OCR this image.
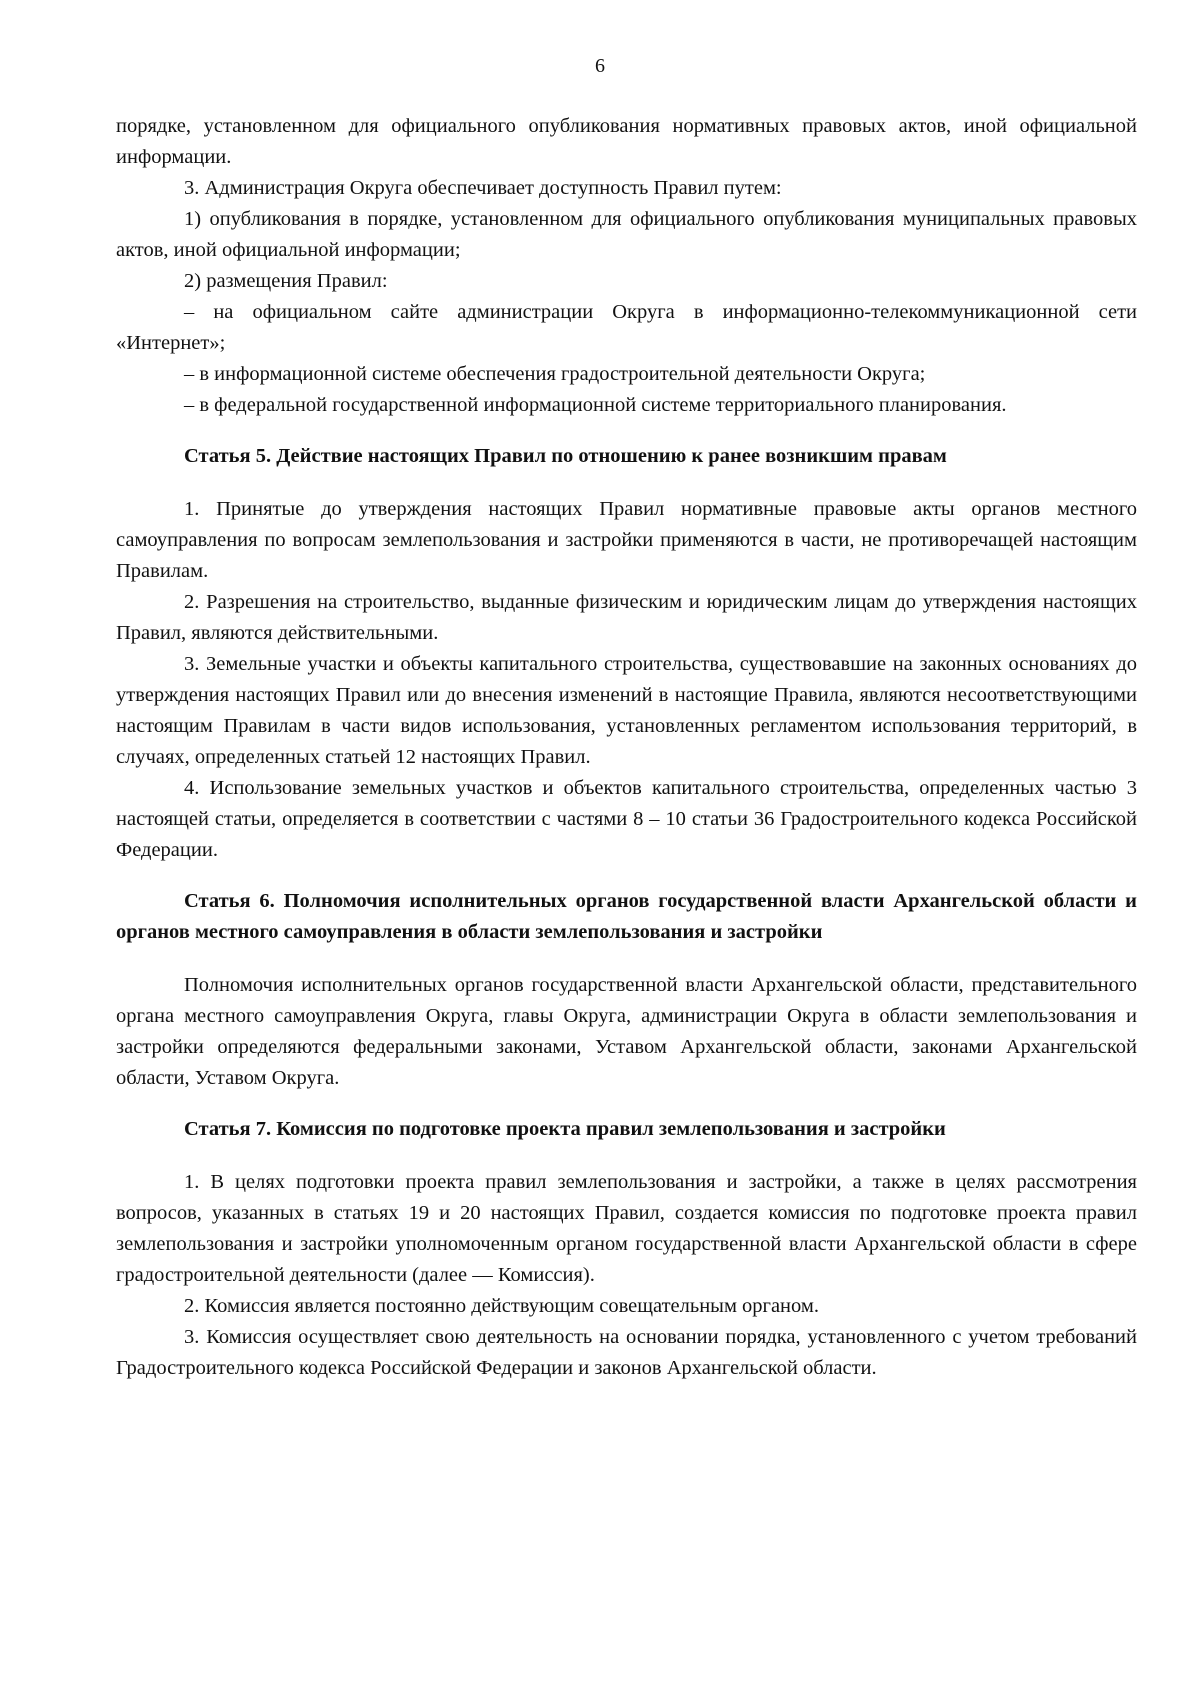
6

порядке, установленном для официального опубликования нормативных правовых актов, иной официальной информации.

3. Администрация Округа обеспечивает доступность Правил путем:

1) опубликования в порядке, установленном для официального опубликования муниципальных правовых актов, иной официальной информации;

2) размещения Правил:

– на официальном сайте администрации Округа в информационно-телекоммуникационной сети «Интернет»;

– в информационной системе обеспечения градостроительной деятельности Округа;

– в федеральной государственной информационной системе территориального планирования.

Статья 5. Действие настоящих Правил по отношению к ранее возникшим правам

1. Принятые до утверждения настоящих Правил нормативные правовые акты органов местного самоуправления по вопросам землепользования и застройки применяются в части, не противоречащей настоящим Правилам.

2. Разрешения на строительство, выданные физическим и юридическим лицам до утверждения настоящих Правил, являются действительными.

3. Земельные участки и объекты капитального строительства, существовавшие на законных основаниях до утверждения настоящих Правил или до внесения изменений в настоящие Правила, являются несоответствующими настоящим Правилам в части видов использования, установленных регламентом использования территорий, в случаях, определенных статьей 12 настоящих Правил.

4. Использование земельных участков и объектов капитального строительства, определенных частью 3 настоящей статьи, определяется в соответствии с частями 8 – 10 статьи 36 Градостроительного кодекса Российской Федерации.

Статья 6. Полномочия исполнительных органов государственной власти Архангельской области и органов местного самоуправления в области землепользования и застройки

Полномочия исполнительных органов государственной власти Архангельской области, представительного органа местного самоуправления Округа, главы Округа, администрации Округа в области землепользования и застройки определяются федеральными законами, Уставом Архангельской области, законами Архангельской области, Уставом Округа.

Статья 7. Комиссия по подготовке проекта правил землепользования и застройки

1. В целях подготовки проекта правил землепользования и застройки, а также в целях рассмотрения вопросов, указанных в статьях 19 и 20 настоящих Правил, создается комиссия по подготовке проекта правил землепользования и застройки уполномоченным органом государственной власти Архангельской области в сфере градостроительной деятельности (далее — Комиссия).

2. Комиссия является постоянно действующим совещательным органом.

3. Комиссия осуществляет свою деятельность на основании порядка, установленного с учетом требований Градостроительного кодекса Российской Федерации и законов Архангельской области.
